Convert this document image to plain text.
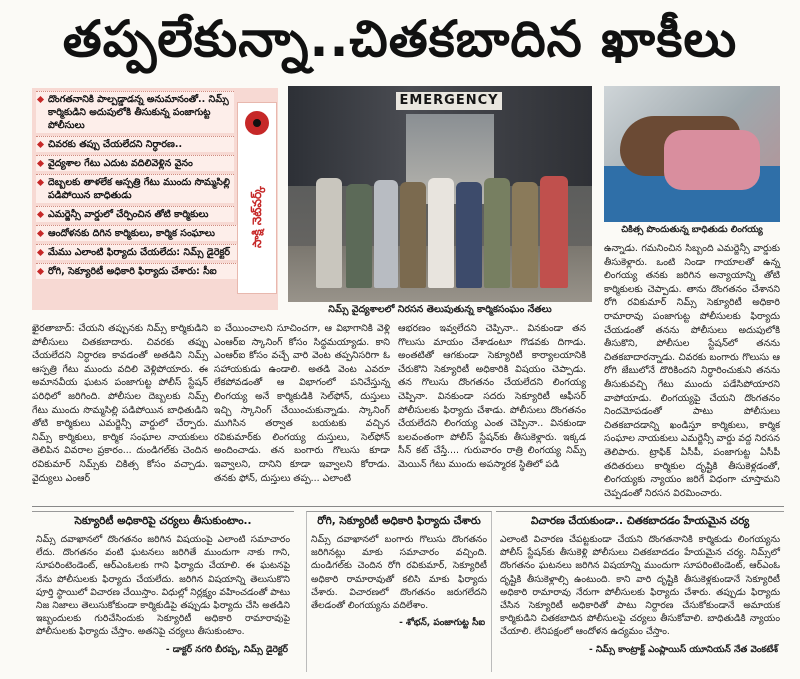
తప్పలేకున్నా..చితకబాదిన ఖాకీలు
దొంగతనానికి పాల్పడ్డాడన్న అనుమానంతో.. నిమ్స్ కార్మికుడిని అదుపులోకి తీసుకున్న పంజాగుట్ట పోలీసులు
చివరకు తప్పు చేయలేదని నిర్ధారణ..
వైద్యశాల గేటు ఎదుట వదిలివెళ్లిన వైనం
దెబ్బలకు తాళలేక ఆస్పత్రి గేటు ముందు సొమ్మసిల్లి పడిపోయిన బాధితుడు
ఎమర్జెన్సీ వార్డులో చేర్పించిన తోటి కార్మికులు
ఆందోళనకు దిగిన కార్మికులు, కార్మిక సంఘాలు
మేము ఎలాంటి ఫిర్యాదు చేయలేదు: నిమ్స్ డైరెక్టర్
రోగి, సెక్యూరిటీ అధికారి ఫిర్యాదు చేశారు: సీఐ
సాక్షి నెట్‌వర్క్
EMERGENCY
నిమ్స్ వైద్యశాలలో నిరసన తెలుపుతున్న కార్మికసంఘం నేతలు
చికిత్స పొందుతున్న బాధితుడు లింగయ్య
ఖైరతాబాద్: చేయని తప్పునకు నిమ్స్ కార్మికుడిని పోలీసులు చితకబాదారు. చివరకు తప్పు చేయలేదని నిర్ధారణ కావడంతో అతడిని నిమ్స్ ఆస్పత్రి గేటు ముందు వదిలి వెళ్లిపోయారు. ఈ అమానవీయ ఘటన పంజాగుట్ట పోలీస్ స్టేషన్ పరిధిలో జరిగింది. పోలీసుల దెబ్బలకు నిమ్స్ గేటు ముందు సొమ్మసిల్లి పడిపోయిన బాధితుడిని తోటి కార్మికులు ఎమర్జెన్సీ వార్డులో చేర్పారు. నిమ్స్ కార్మికులు, కార్మిక సంఘాల నాయకులు తెలిపిన వివరాల ప్రకారం... దుండిగల్‌కు చెందిన రవికుమార్ నిమ్స్‌కు చికిత్స కోసం వచ్చాడు. వైద్యులు ఎంఆర్
ఐ చేయించాలని సూచించగా, ఆ విభాగానికి వెళ్లి ఎంఆర్ఐ స్కానింగ్ కోసం సిద్ధమయ్యాడు. కాని ఎంఆర్ఐ కోసం వచ్చే వారి వెంట తప్పనిసరిగా ఓ సహాయకుడు ఉండాలి. అతడి వెంట ఎవరూ లేకపోవడంతో ఆ విభాగంలో పనిచేస్తున్న లింగయ్య అనే కార్మికుడికి సెల్‌ఫోన్, దుస్తులు ఇచ్చి స్కానింగ్ చేయించుకున్నాడు. స్కానింగ్ ముగిసిన తర్వాత బయటకు వచ్చిన రవికుమార్‌కు లింగయ్య దుస్తులు, సెల్‌ఫోన్ అందించాడు. తన బంగారు గొలుసు కూడా ఇవ్వాలని, దానిని కూడా ఇవ్వాలని కోరాడు. తనకు ఫోన్, దుస్తులు తప్ప... ఎలాంటి
ఆభరణం ఇవ్వలేదని చెప్పినా.. వినకుండా తన గొలుసు మాయం చేశాడంటూ గొడవకు దిగాడు. అంతటితో ఆగకుండా సెక్యూరిటీ కార్యాలయానికి చేరుకొని సెక్యూరిటీ అధికారికి విషయం చెప్పాడు. తన గొలుసు దొంగతనం చేయలేదని లింగయ్య చెప్పినా. వినకుండా సదరు సెక్యూరిటీ ఆఫీసర్ పోలీసులకు ఫిర్యాదు చేశాడు. పోలీసులు దొంగతనం చేయలేదని లింగయ్య ఎంత చెప్పినా.. వినకుండా బలవంతంగా పోలీస్ స్టేషన్‌కు తీసుకెళ్లారు. ఇక్కడ సీన్ కట్ చేస్తే.... గురువారం రాత్రి లింగయ్య నిమ్స్ మెయిన్ గేటు ముందు అపస్మారక స్థితిలో పడి
ఉన్నాడు. గమనించిన సిబ్బంది ఎమర్జెన్సీ వార్డుకు తీసుకెళ్లారు. ఒంటి నిండా గాయాలతో ఉన్న లింగయ్య తనకు జరిగిన అన్యాయాన్ని తోటి కార్మికులకు చెప్పాడు. తాను దొంగతనం చేశానని రోగి రవికుమార్ నిమ్స్ సెక్యూరిటీ అధికారి రామారావు పంజాగుట్ట పోలీసులకు ఫిర్యాదు చేయడంతో తనను పోలీసులు అదుపులోకి తీసుకొని, పోలీసుల స్టేషన్‌లో తనను చితకబాదారన్నాడు. చివరకు బంగారు గొలుసు ఆ రోగి జేబులోనే దొరికిందని నిర్ధారించుకుని తనను తీసుకువచ్చి గేటు ముందు పడేసిపోయారని వాపోయాడు. లింగయ్యపై చేయని దొంగతనం నిందమోపడంతో పాటు పోలీసులు చితకబాదడాన్ని ఖండిస్తూ కార్మికులు, కార్మిక సంఘాల నాయకులు ఎమర్జెన్సీ వార్డు వద్ద నిరసన తెలిపారు. ట్రాఫిక్ ఏసీపీ, పంజాగుట్ట ఏసీపీ తదితరులు కార్మికుల దృష్టికి తీసుకెళ్లడంతో, లింగయ్యకు న్యాయం జరిగే విధంగా చూస్తామని చెప్పడంతో నిరసన విరమించారు.
సెక్యూరిటీ అధికారిపై చర్యలు తీసుకుంటాం..
నిమ్స్ దవాఖానలో దొంగతనం జరిగిన విషయంపై ఎలాంటి సమాచారం లేదు. దొంగతనం వంటి ఘటనలు జరిగితే ముందుగా నాకు గాని, సూపరింటెండెంట్, ఆర్ఎంఓలకు గాని ఫిర్యాదు చేయాలి. ఈ ఘటనపై నేను పోలీసులకు ఫిర్యాదు చేయలేదు. జరిగిన విషయాన్ని తెలుసుకొని పూర్తి స్థాయిలో విచారణ చేయిస్తాం. విధుల్లో నిర్లక్ష్యం వహించడంతో పాటు నిజ నిజాలు తెలుసుకోకుండా కార్మికుడిపై తప్పుడు ఫిర్యాదు చేసి అతడిని ఇబ్బందులకు గురిచేసిందుకు సెక్యూరిటీ అధికారి రామారావుపై పోలీసులకు ఫిర్యాదు చేస్తాం. అతనిపై చర్యలు తీసుకుంటాం.
- డాక్టర్ నగరి బీరప్ప, నిమ్స్ డైరెక్టర్
రోగి, సెక్యూరిటీ అధికారి ఫిర్యాదు చేశారు
నిమ్స్ దవాఖానలో బంగారు గొలుసు దొంగతనం జరిగినట్లు మాకు సమాచారం వచ్చింది. దుండిగల్‌కు చెందిన రోగి రవికుమార్, సెక్యూరిటీ అధికారి రామారావుతో కలిసి మాకు ఫిర్యాదు చేశారు. విచారణలో దొంగతనం జరుగలేదని తేలడంతో లింగయ్యను వదిలేశాం.
- శోభన్, పంజాగుట్ట సీఐ
విచారణ చేయకుండా.. చితకబాదడం హేయమైన చర్య
ఎలాంటి విచారణ చేపట్టకుండా చేయని దొంగతనానికి కార్మికుడు లింగయ్యను పోలీస్ స్టేషన్‌కు తీసుకెళ్లి పోలీసులు చితకబాదడం హేయమైన చర్య. నిమ్స్‌లో దొంగతనం ఘటనలు జరిగిన విషయాన్ని ముందుగా సూపరింటెండెంట్, ఆర్ఎంఓ దృష్టికి తీసుకెళ్లాల్సి ఉంటుంది. కాని వారి దృష్టికి తీసుకెళ్లకుండానే సెక్యూరిటీ అధికారి రామారావు నేరుగా పోలీసులకు ఫిర్యాదు చేశారు. తప్పుడు ఫిర్యాదు చేసిన సెక్యూరిటీ అధికారితో పాటు నిర్దారణ చేసుకోకుండానే అమాయక కార్మికుడిని చితకబాదిన పోలీసులపై చర్యలు తీసుకోవాలి. బాధితుడికి న్యాయం చేయాలి. లేనిపక్షంలో ఆందోళన ఉద్యమం చేస్తాం.
- నిమ్స్ కాంట్రాక్ట్ ఎంప్లాయిస్ యూనియన్ నేత వెంకటేశ్
